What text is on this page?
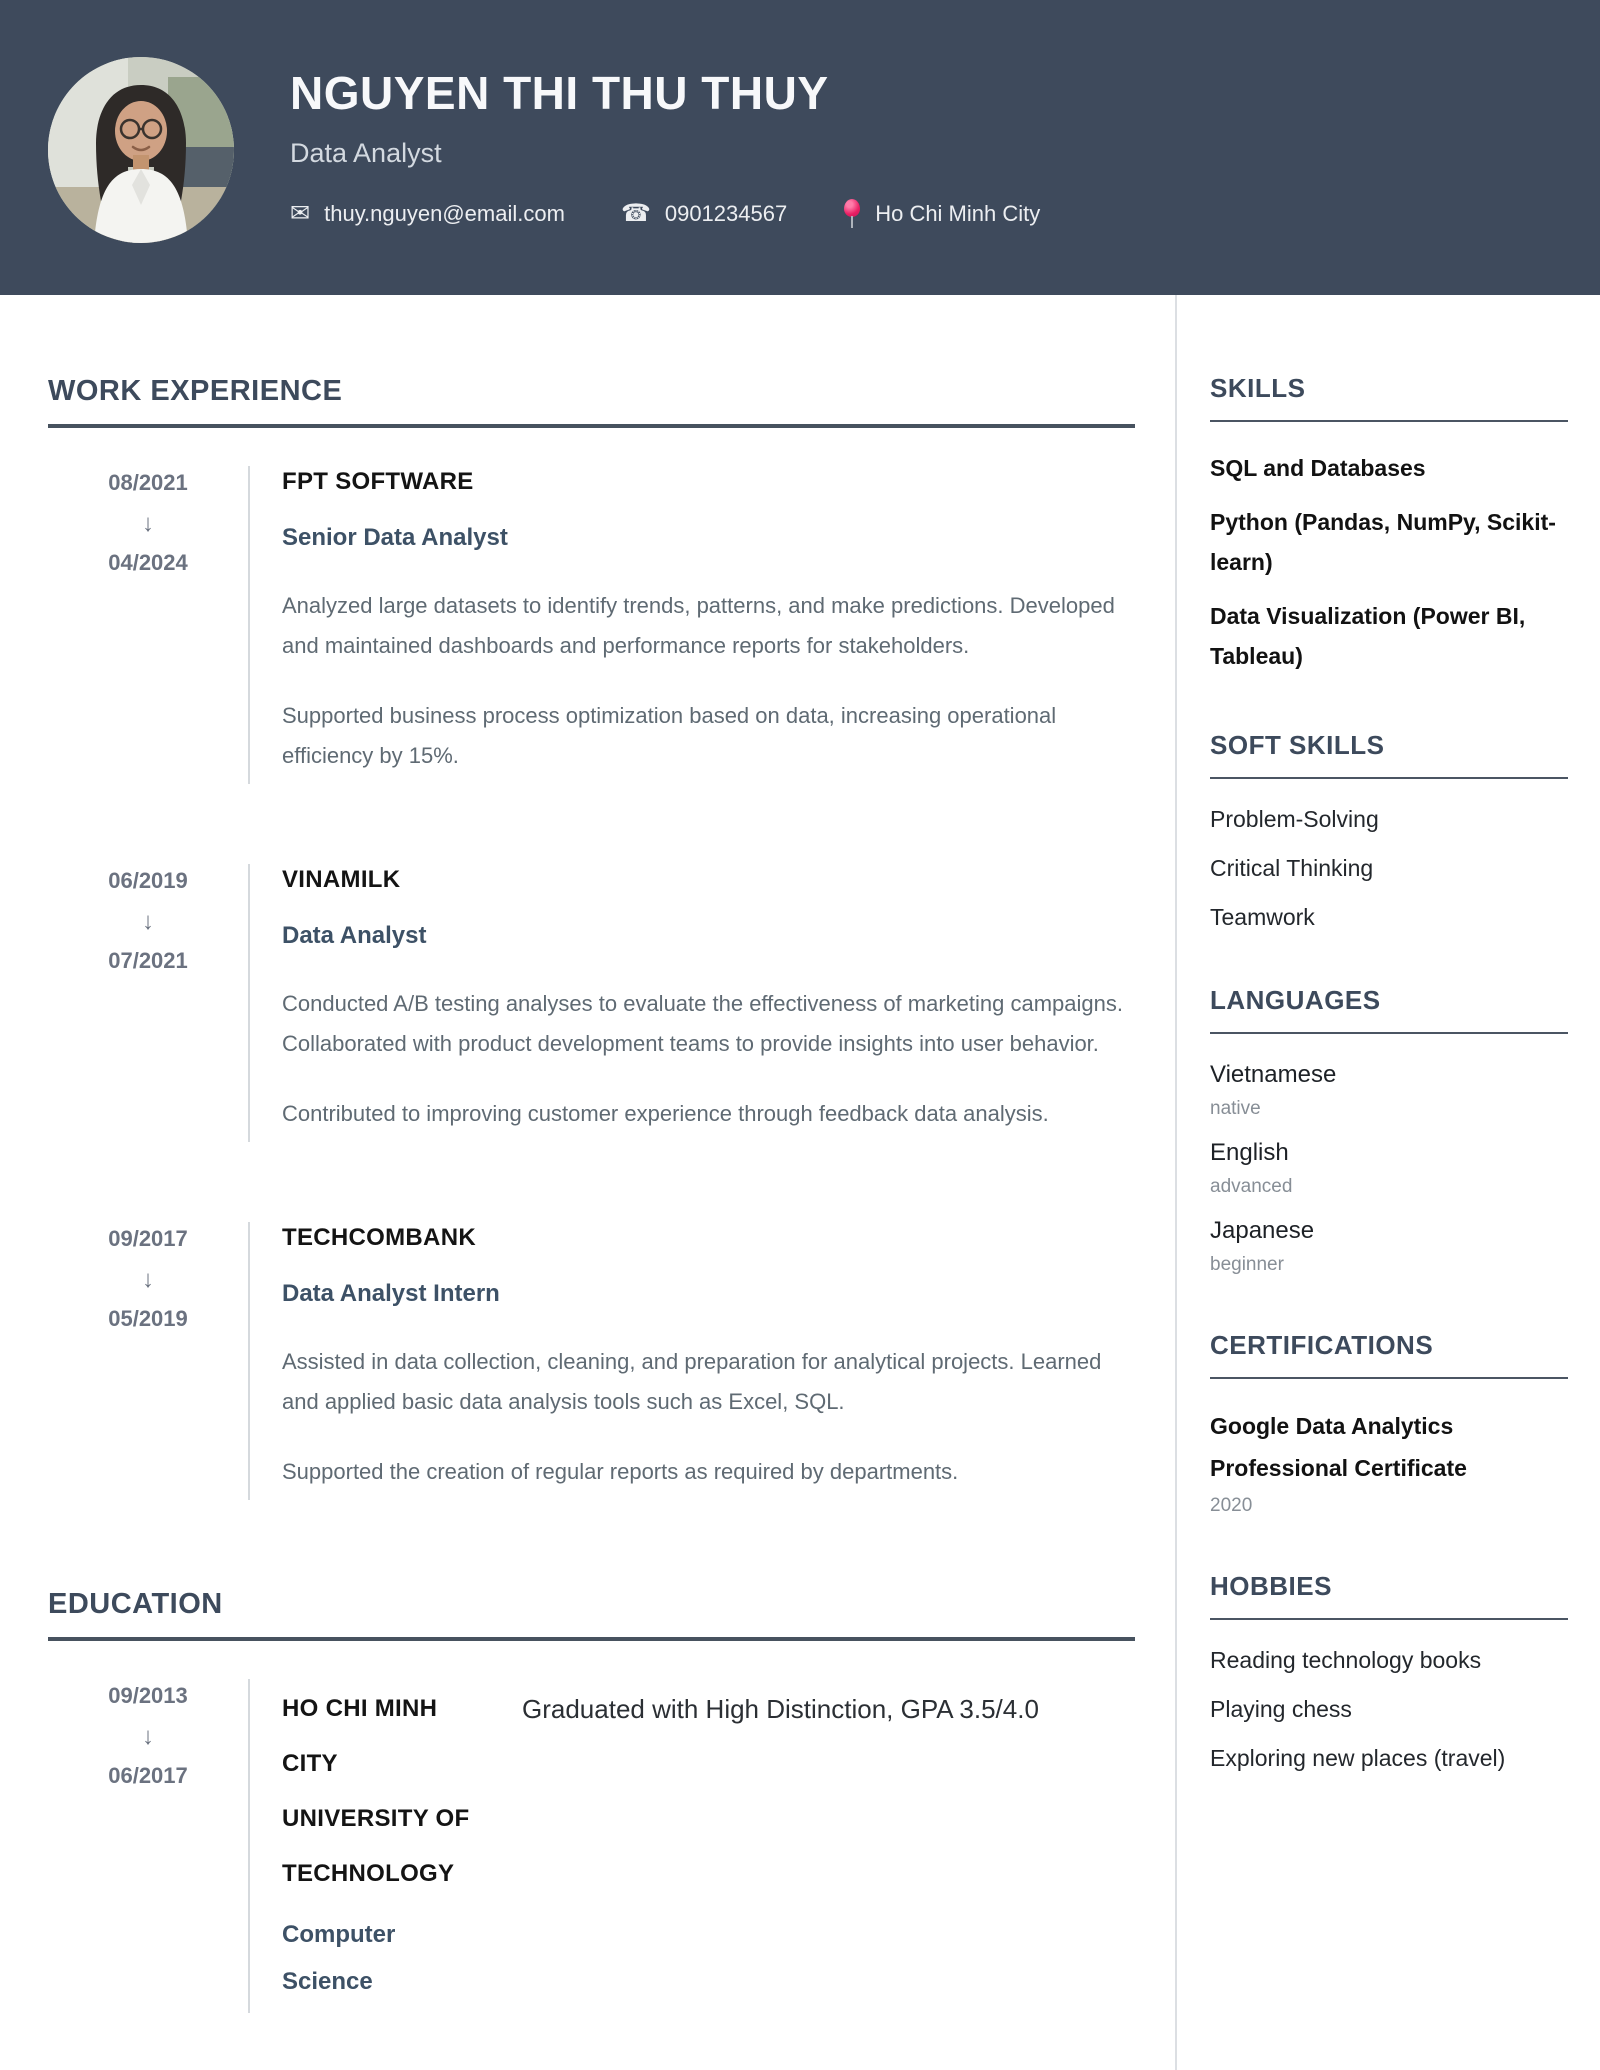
NGUYEN THI THU THUY
Data Analyst
✉ thuy.nguyen@email.com ☎ 0901234567	Ho Chi Minh City
WORK EXPERIENCE
08/2021
↓
04/2024
FPT SOFTWARE
Senior Data Analyst

Analyzed large datasets to identify trends, patterns, and make predictions. Developed and maintained dashboards and performance reports for stakeholders.

Supported business process optimization based on data, increasing operational efficiency by 15%.

06/2019
↓
07/2021
VINAMILK
Data Analyst

Conducted A/B testing analyses to evaluate the effectiveness of marketing campaigns. Collaborated with product development teams to provide insights into user behavior.

Contributed to improving customer experience through feedback data analysis.

09/2017
↓
05/2019
TECHCOMBANK
Data Analyst Intern

Assisted in data collection, cleaning, and preparation for analytical projects. Learned and applied basic data analysis tools such as Excel, SQL.

Supported the creation of regular reports as required by departments.

EDUCATION
09/2013
↓
06/2017
HO CHI MINH CITY UNIVERSITY OF TECHNOLOGY
Computer Science
Graduated with High Distinction, GPA 3.5/4.0
SKILLS
SQL and Databases
Python (Pandas, NumPy, Scikit-learn)
Data Visualization (Power BI, Tableau)
SOFT SKILLS
Problem-Solving
Critical Thinking
Teamwork
LANGUAGES
Vietnamese
native
English
advanced
Japanese
beginner
CERTIFICATIONS
Google Data Analytics Professional Certificate
2020
HOBBIES
Reading technology books
Playing chess
Exploring new places (travel)
